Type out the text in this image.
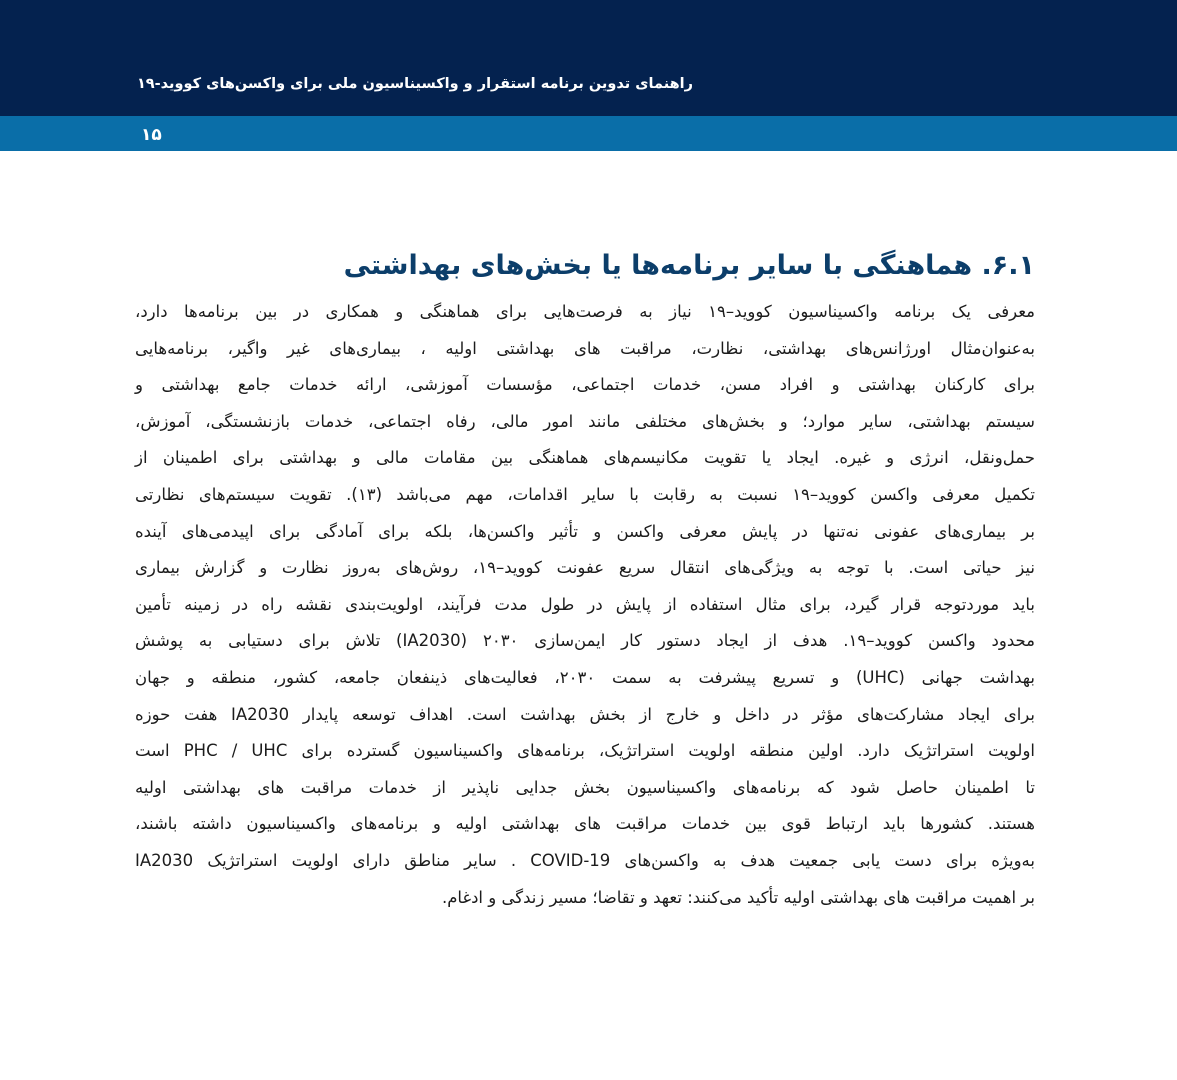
راهنمای تدوین برنامه استقرار و واکسیناسیون ملی برای واکسن‌های کووید-۱۹
۱۵
۶.۱. هماهنگی با سایر برنامه‌ها یا بخش‌های بهداشتی
معرفی یک برنامه واکسیناسیون کووید–۱۹ نیاز به فرصت‌هایی برای هماهنگی و همکاری در بین برنامه‌ها دارد،
به‌عنوان‌مثال اورژانس‌های بهداشتی، نظارت، مراقبت های بهداشتی اولیه ، بیماری‌های غیر واگیر، برنامه‌هایی
برای کارکنان بهداشتی و افراد مسن، خدمات اجتماعی، مؤسسات آموزشی، ارائه خدمات جامع بهداشتی و
سیستم بهداشتی، سایر موارد؛ و بخش‌های مختلفی مانند امور مالی، رفاه اجتماعی، خدمات بازنشستگی، آموزش،
حمل‌ونقل، انرژی و غیره. ایجاد یا تقویت مکانیسم‌های هماهنگی بین مقامات مالی و بهداشتی برای اطمینان از
تکمیل معرفی واکسن کووید–۱۹ نسبت به رقابت با سایر اقدامات، مهم می‌باشد (۱۳). تقویت سیستم‌های نظارتی
بر بیماری‌های عفونی نه‌تنها در پایش معرفی واکسن و تأثیر واکسن‌ها، بلکه برای آمادگی برای اپیدمی‌های آینده
نیز حیاتی است. با توجه به ویژگی‌های انتقال سریع عفونت کووید–۱۹، روش‌های به‌روز نظارت و گزارش بیماری
باید موردتوجه قرار گیرد، برای مثال استفاده از پایش در طول مدت فرآیند، اولویت‌بندی نقشه راه در زمینه تأمین
محدود واکسن کووید–۱۹. هدف از ایجاد دستور کار ایمن‌سازی ۲۰۳۰ (IA2030) تلاش برای دستیابی به پوشش
بهداشت جهانی (UHC) و تسریع پیشرفت به سمت ۲۰۳۰، فعالیت‌های ذینفعان جامعه، کشور، منطقه و جهان
برای ایجاد مشارکت‌های مؤثر در داخل و خارج از بخش بهداشت است. اهداف توسعه پایدار IA2030 هفت حوزه
اولویت استراتژیک دارد. اولین منطقه اولویت استراتژیک، برنامه‌های واکسیناسیون گسترده برای PHC / UHC است
تا اطمینان حاصل شود که برنامه‌های واکسیناسیون بخش جدایی ناپذیر از خدمات مراقبت های بهداشتی اولیه
هستند. کشورها باید ارتباط قوی بین خدمات مراقبت های بهداشتی اولیه و برنامه‌های واکسیناسیون داشته باشند،
به‌ویژه برای دست یابی جمعیت هدف به واکسن‌های COVID-19 . سایر مناطق دارای اولویت استراتژیک IA2030
بر اهمیت مراقبت های بهداشتی اولیه تأکید می‌کنند: تعهد و تقاضا؛ مسیر زندگی و ادغام.
